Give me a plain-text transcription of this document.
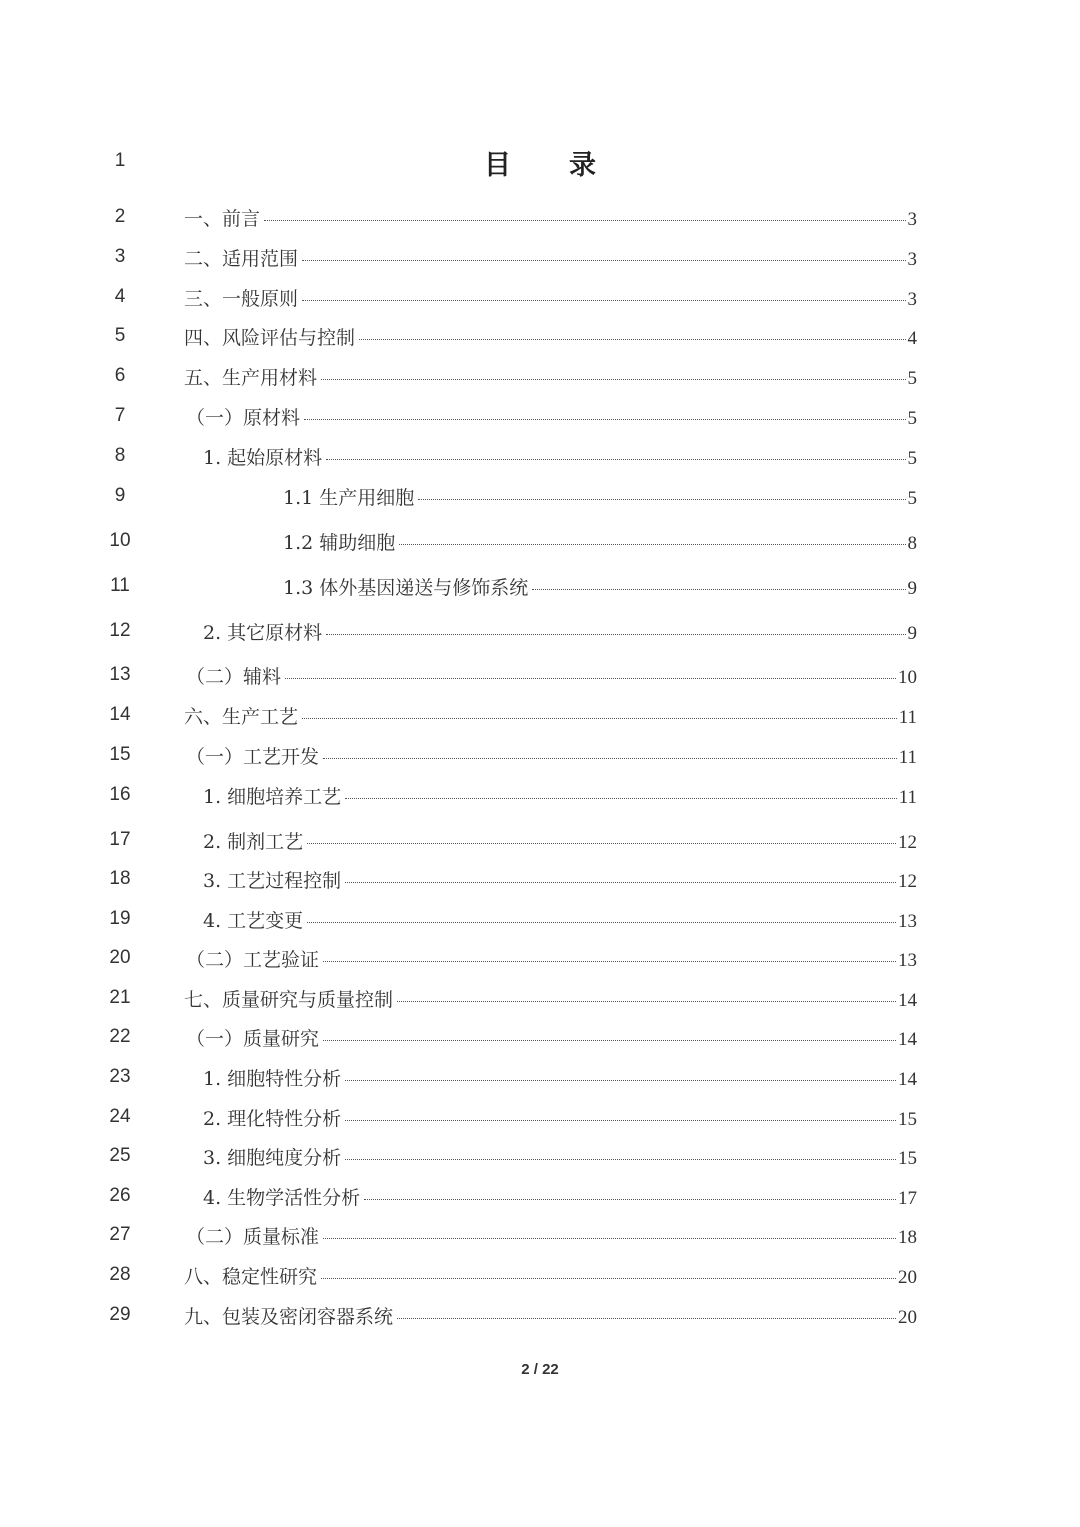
1	目 录
2	一、前言	3
3	二、适用范围	3
4	三、一般原则	3
5	四、风险评估与控制	4
6	五、生产用材料	5
7	（一）原材料	5
8	1. 起始原材料	5
9	1.1 生产用细胞	5
10	1.2 辅助细胞	8
11	1.3 体外基因递送与修饰系统	9
12	2. 其它原材料	9
13	（二）辅料	10
14	六、生产工艺	11
15	（一）工艺开发	11
16	1. 细胞培养工艺	11
17	2. 制剂工艺	12
18	3. 工艺过程控制	12
19	4. 工艺变更	13
20	（二）工艺验证	13
21	七、质量研究与质量控制	14
22	（一）质量研究	14
23	1. 细胞特性分析	14
24	2. 理化特性分析	15
25	3. 细胞纯度分析	15
26	4. 生物学活性分析	17
27	（二）质量标准	18
28	八、稳定性研究	20
29	九、包装及密闭容器系统	20
2 / 22
